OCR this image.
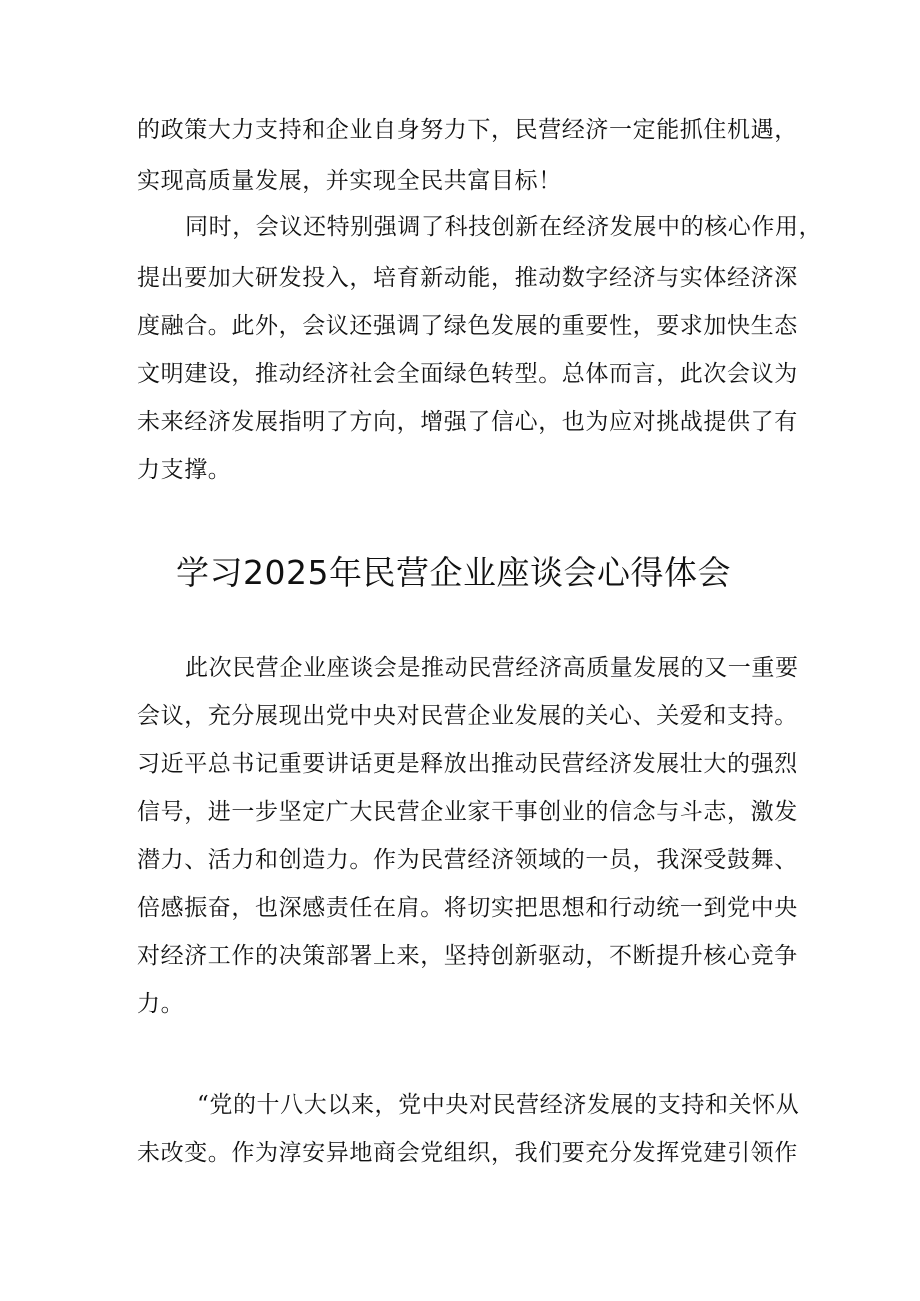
的政策大力支持和企业自身努力下，民营经济一定能抓住机遇，
实现高质量发展，并实现全民共富目标！
同时，会议还特别强调了科技创新在经济发展中的核心作用，
提出要加大研发投入，培育新动能，推动数字经济与实体经济深
度融合。此外，会议还强调了绿色发展的重要性，要求加快生态
文明建设，推动经济社会全面绿色转型。总体而言，此次会议为
未来经济发展指明了方向，增强了信心，也为应对挑战提供了有
力支撑。
学习2025年民营企业座谈会心得体会
此次民营企业座谈会是推动民营经济高质量发展的又一重要
会议，充分展现出党中央对民营企业发展的关心、关爱和支持。
习近平总书记重要讲话更是释放出推动民营经济发展壮大的强烈
信号，进一步坚定广大民营企业家干事创业的信念与斗志，激发
潜力、活力和创造力。作为民营经济领域的一员，我深受鼓舞、
倍感振奋，也深感责任在肩。将切实把思想和行动统一到党中央
对经济工作的决策部署上来，坚持创新驱动，不断提升核心竞争
力。
“党的十八大以来，党中央对民营经济发展的支持和关怀从
未改变。作为淳安异地商会党组织，我们要充分发挥党建引领作
